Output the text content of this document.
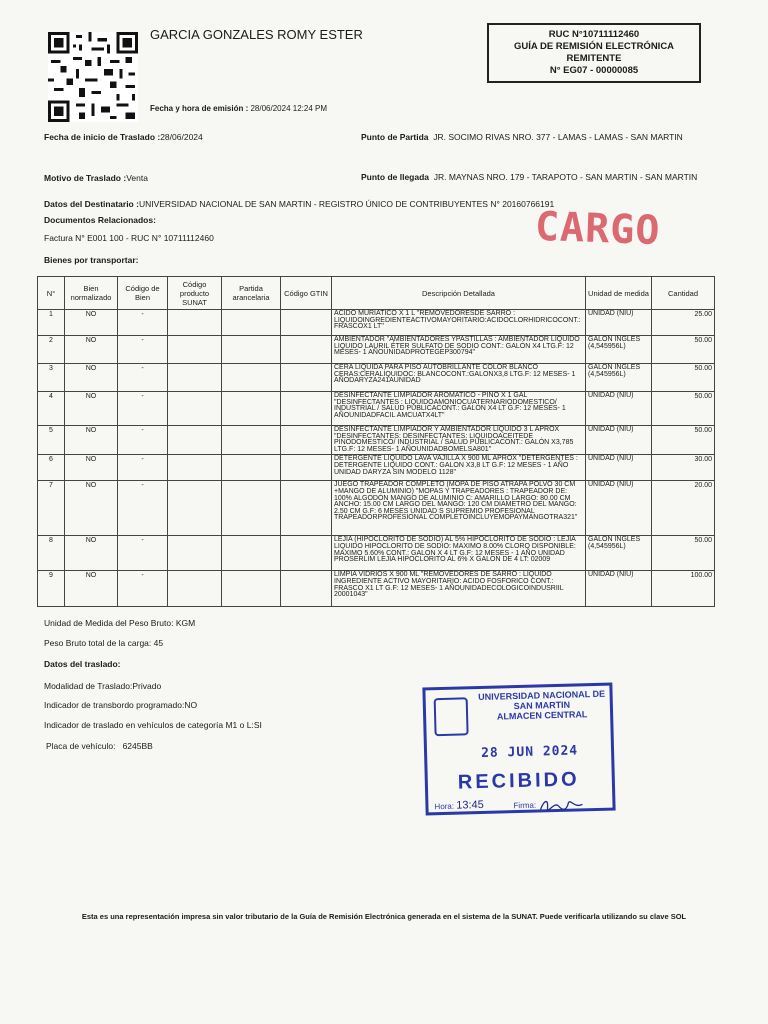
GARCIA GONZALES ROMY ESTER	RUC N°10711112460
GUÍA DE REMISIÓN ELECTRÓNICA
REMITENTE
N° EG07 - 00000085
Fecha y hora de emisión : 28/06/2024 12:24 PM
Fecha de inicio de Traslado :28/06/2024	Punto de Partida JR. SOCIMO RIVAS NRO. 377 - LAMAS - LAMAS - SAN MARTIN
Motivo de Traslado :Venta	Punto de llegada JR. MAYNAS NRO. 179 - TARAPOTO - SAN MARTIN - SAN MARTIN
Datos del Destinatario :UNIVERSIDAD NACIONAL DE SAN MARTIN - REGISTRO ÚNICO DE CONTRIBUYENTES N° 20160766191
Documentos Relacionados:
Factura N° E001 100 - RUC N° 10711112460
Bienes por transportar:
CARGO
N°	Bien normalizado	Código de Bien	Código producto SUNAT	Partida arancelaria	Código GTIN	Descripción Detallada	Unidad de medida	Cantidad
1	NO	-				ACIDO MURIATICO X 1 L "REMOVEDORESDE SARRO : LIQUIDOINGREDIENTEACTIVOMAYORITARIO:ACIDOCLORHIDRICOCONT.: FRASCOX1 LT"	UNIDAD (NIU)	25.00
2	NO	-				AMBIENTADOR "AMBIENTADORES YPASTILLAS : AMBIENTADOR LIQUIDO LIQUIDO LAURIL ÉTER SULFATO DE SODIO CONT.: GALÓN X4 LTG.F: 12 MESES- 1 AÑOUNIDADPROTEGEP300794"	GALON INGLES (4,545956L)	50.00
3	NO	-				CERA LIQUIDA PARA PISO AUTOBRILLANTE COLOR BLANCO CERAS:CERALÍQUIDOC: BLANCOCONT.:GALONX3,8 LTG.F: 12 MESES- 1 AÑODARYZA241AUNIDAD	GALON INGLES (4,545956L)	50.00
4	NO	-				DESINFECTANTE LIMPIADOR AROMATICO - PINO X 1 GAL "DESINFECTANTES : LIQUIDOAMONIOCUATERNARIODOMESTICO/ INDUSTRIAL / SALUD PUBLICACONT.: GALÓN X4 LT G.F: 12 MESES- 1 AÑOUNIDADFACIL AMCUATX4LT"	UNIDAD (NIU)	50.00
5	NO	-				DESINFECTANTE LIMPIADOR Y AMBIENTADOR LIQUIDO 3 L APROX "DESINFECTANTES: DESINFECTANTES: LIQUIDOACEITEDE PINODOMESTICO/ INDUSTRIAL / SALUD PUBLICACONT.: GALÓN X3,785 LTG.F: 12 MESES- 1 AÑOUNIDADBOMELSA801"	UNIDAD (NIU)	50.00
6	NO	-				DETERGENTE LIQUIDO LAVA VAJILLA X 900 ML APROX "DETERGENTES : DETERGENTE LIQUIDO CONT.: GALON X3,8 LT G.F: 12 MESES - 1 AÑO UNIDAD DARYZA SIN MODELO 1128"	UNIDAD (NIU)	30.00
7	NO	-				JUEGO TRAPEADOR COMPLETO (MOPA DE PISO ATRAPA POLVO 30 CM +MANGO DE ALUMINIO) "MOPAS Y TRAPEADORES : TRAPEADOR DE: 100% ALGODÓN MANGO DE ALUMINIO C: AMARILLO LARGO: 80.00 CM ANCHO: 15.00 CM LARGO DEL MANGO: 120 CM DIAMETRO DEL MANGO: 2.50 CM G.F: 6 MESES UNIDAD S SUPREMIO PROFESIONAL TRAPEADORPROFESIONAL COMPLETOINCLUYEMOPAYMANGOTRA321"	UNIDAD (NIU)	20.00
8	NO	-				LEJIA (HIPOCLORITO DE SODIO) AL 5% HIPOCLORITO DE SODIO : LEJIA LIQUIDO HIPOCLORITO DE SODIO: MAXIMO 8.00% CLORO DISPONIBLE: MAXIMO 5.60% CONT.: GALON X 4 LT G.F: 12 MESES - 1 AÑO UNIDAD PROSERLIM LEJIA HIPOCLORITO AL 6% X GALON DE 4 LT: 02009	GALON INGLES (4,545956L)	50.00
9	NO	-				LIMPIA VIDRIOS X 900 ML "REMOVEDORES DE SARRO : LIQUIDO INGREDIENTE ACTIVO MAYORITARIO: ACIDO FOSFORICO CONT.: FRASCO X1 LT G.F: 12 MESES- 1 AÑOUNIDADECOLOGICOINDUSRIIL 20001043"	UNIDAD (NIU)	100.00
Unidad de Medida del Peso Bruto: KGM
Peso Bruto total de la carga: 45
Datos del traslado:
Modalidad de Traslado:Privado
Indicador de transbordo programado:NO
Indicador de traslado en vehículos de categoría M1 o L:SI
Placa de vehículo: 6245BB
UNIVERSIDAD NACIONAL DE
SAN MARTIN
ALMACEN CENTRAL
28 JUN 2024
RECIBIDO
Hora: 13:45	Firma:
Esta es una representación impresa sin valor tributario de la Guía de Remisión Electrónica generada en el sistema de la SUNAT. Puede verificarla utilizando su clave SOL
